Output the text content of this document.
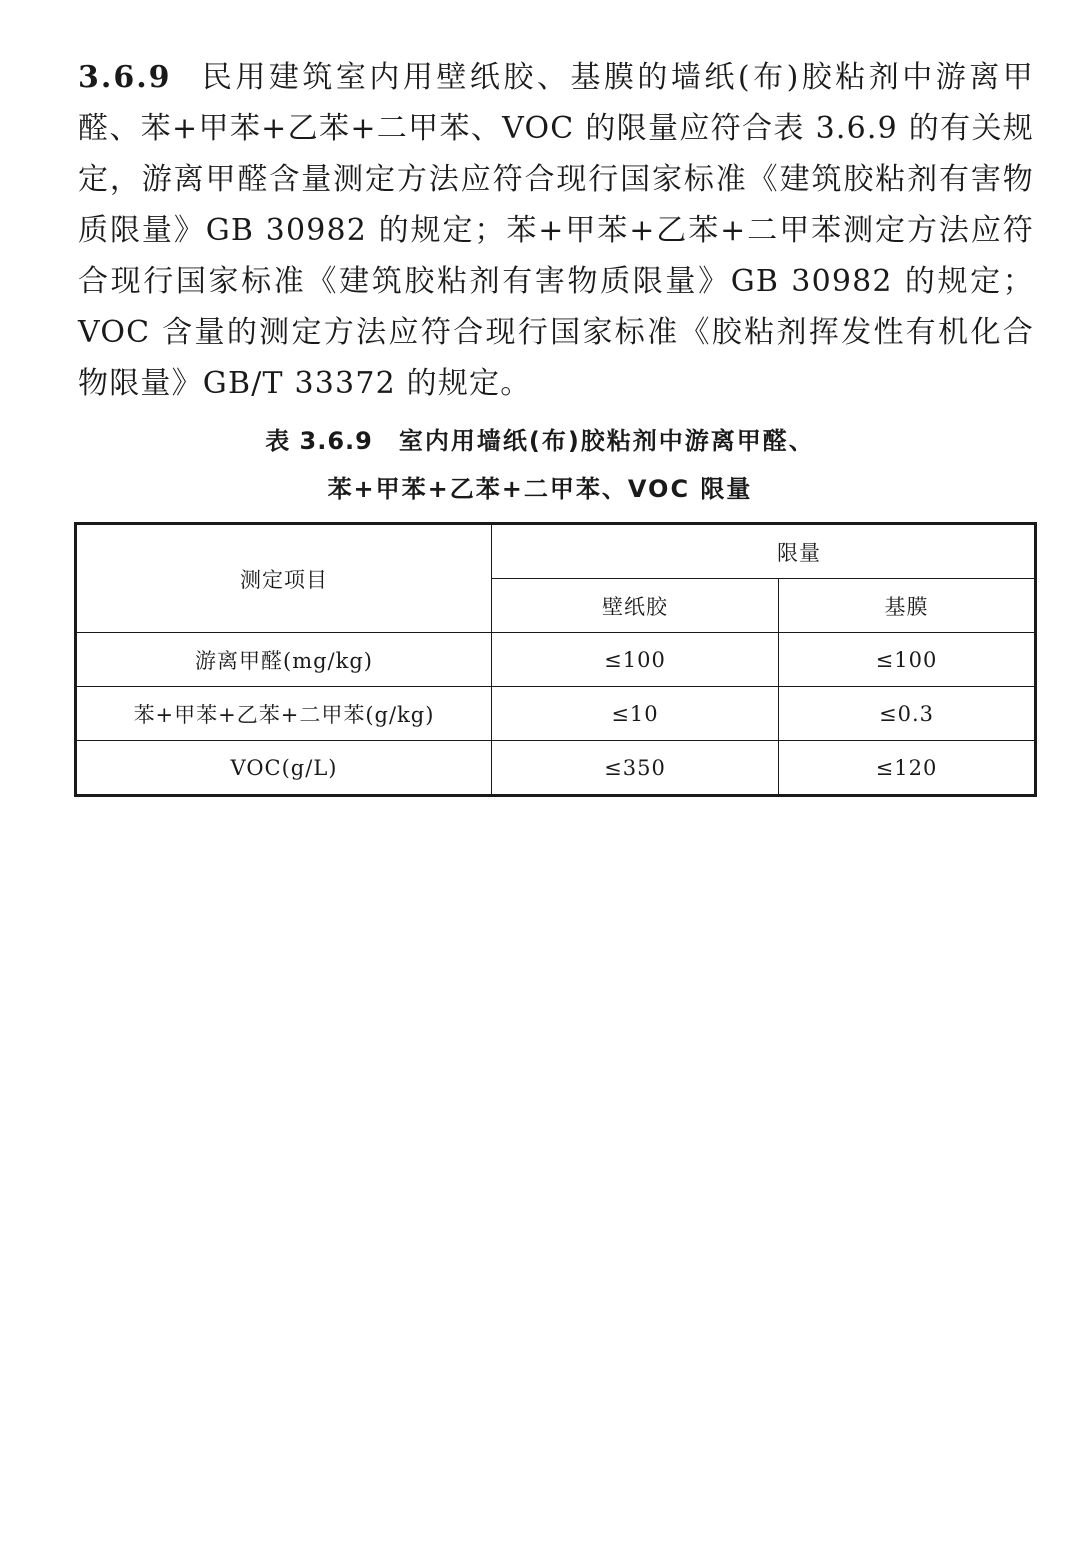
3.6.9 民用建筑室内用壁纸胶、基膜的墙纸(布)胶粘剂中游离甲醛、苯+甲苯+乙苯+二甲苯、VOC 的限量应符合表 3.6.9 的有关规定，游离甲醛含量测定方法应符合现行国家标准《建筑胶粘剂有害物质限量》GB 30982 的规定；苯+甲苯+乙苯+二甲苯测定方法应符合现行国家标准《建筑胶粘剂有害物质限量》GB 30982 的规定；VOC 含量的测定方法应符合现行国家标准《胶粘剂挥发性有机化合物限量》GB/T 33372 的规定。

表 3.6.9 室内用墙纸(布)胶粘剂中游离甲醛、
苯+甲苯+乙苯+二甲苯、VOC 限量
测定项目	限量	
	壁纸胶	基膜
游离甲醛(mg/kg)	≤100	≤100
苯+甲苯+乙苯+二甲苯(g/kg)	≤10	≤0.3
VOC(g/L)	≤350	≤120
